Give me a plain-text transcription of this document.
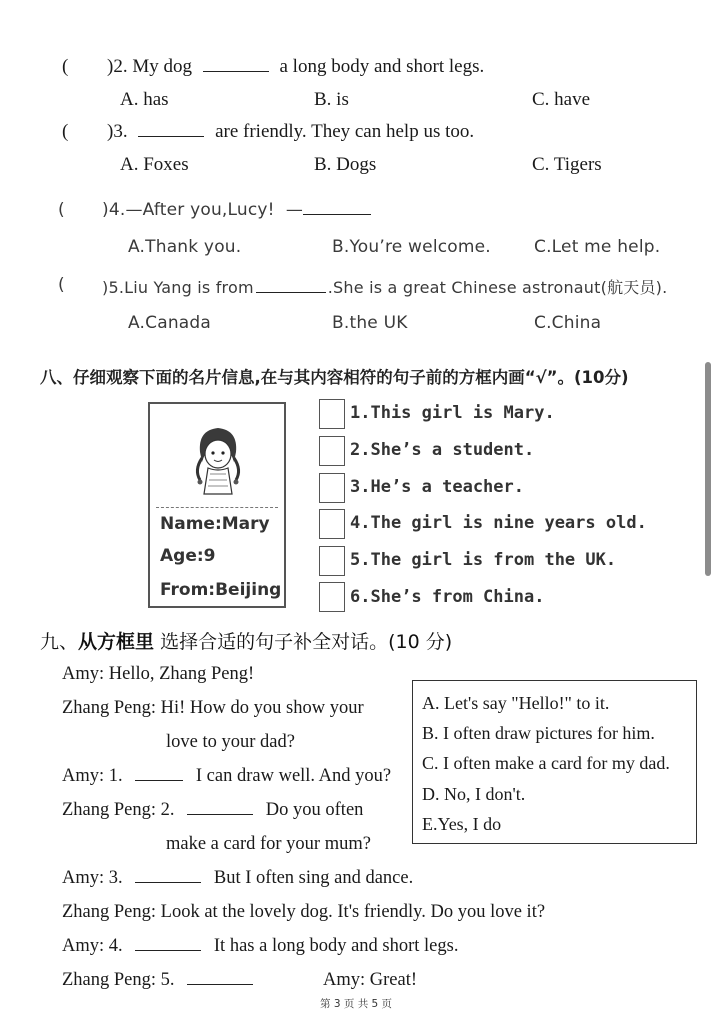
( )2. My dog	a long body and short legs.
A. has	B. is	C. have
( )3.	are friendly. They can help us too.
A. Foxes	B. Dogs	C. Tigers
( )4.—After you,Lucy! —
A.Thank you.	B.You’re welcome.	C.Let me help.
( )5.Liu Yang is from	.She is a great Chinese astronaut(航天员).
A.Canada	B.the UK	C.China
八、仔细观察下面的名片信息,在与其内容相符的句子前的方框内画“√”。(10分)
Name:Mary
Age:9
From:Beijing
1.This girl is Mary.
2.She’s a student.
3.He’s a teacher.
4.The girl is nine years old.
5.The girl is from the UK.
6.She’s from China.
九、从方框里 选择合适的句子补全对话。(10 分)
Amy: Hello, Zhang Peng!
Zhang Peng: Hi! How do you show your
love to your dad?
Amy: 1.	I can draw well. And you?
Zhang Peng: 2.	Do you often
make a card for your mum?
Amy: 3.	But I often sing and dance.
Zhang Peng: Look at the lovely dog. It's friendly. Do you love it?
Amy: 4.	It has a long body and short legs.
Zhang Peng: 5.	Amy: Great!
A. Let's say "Hello!" to it.
B. I often draw pictures for him.
C. I often make a card for my dad.
D. No, I don't.
E.Yes, I do
第 3 页 共 5 页
